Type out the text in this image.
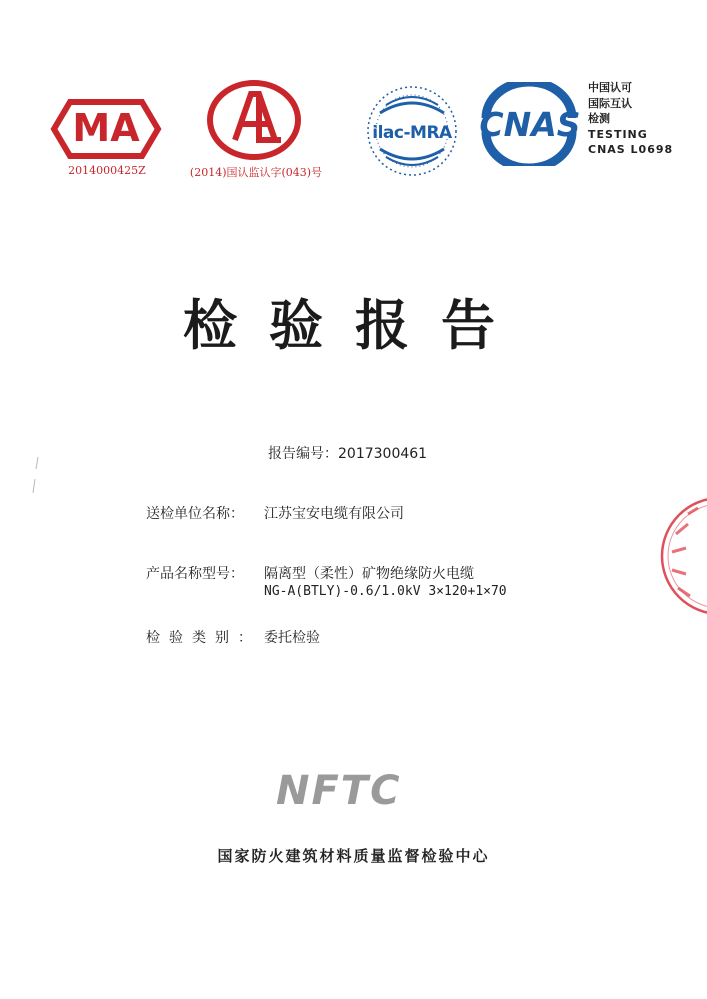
MA
2014000425Z	(2014)国认监认字(043)号
ilac-MRA CNAS
中国认可
国际互认
检测
TESTING
CNAS L0698
检验报告
报告编号：2017300461
送检单位名称： 江苏宝安电缆有限公司
产品名称型号： 隔离型（柔性）矿物绝缘防火电缆
NG-A(BTLY)-0.6/1.0kV 3×120+1×70
检验类别： 委托检验
NFTC
国家防火建筑材料质量监督检验中心
